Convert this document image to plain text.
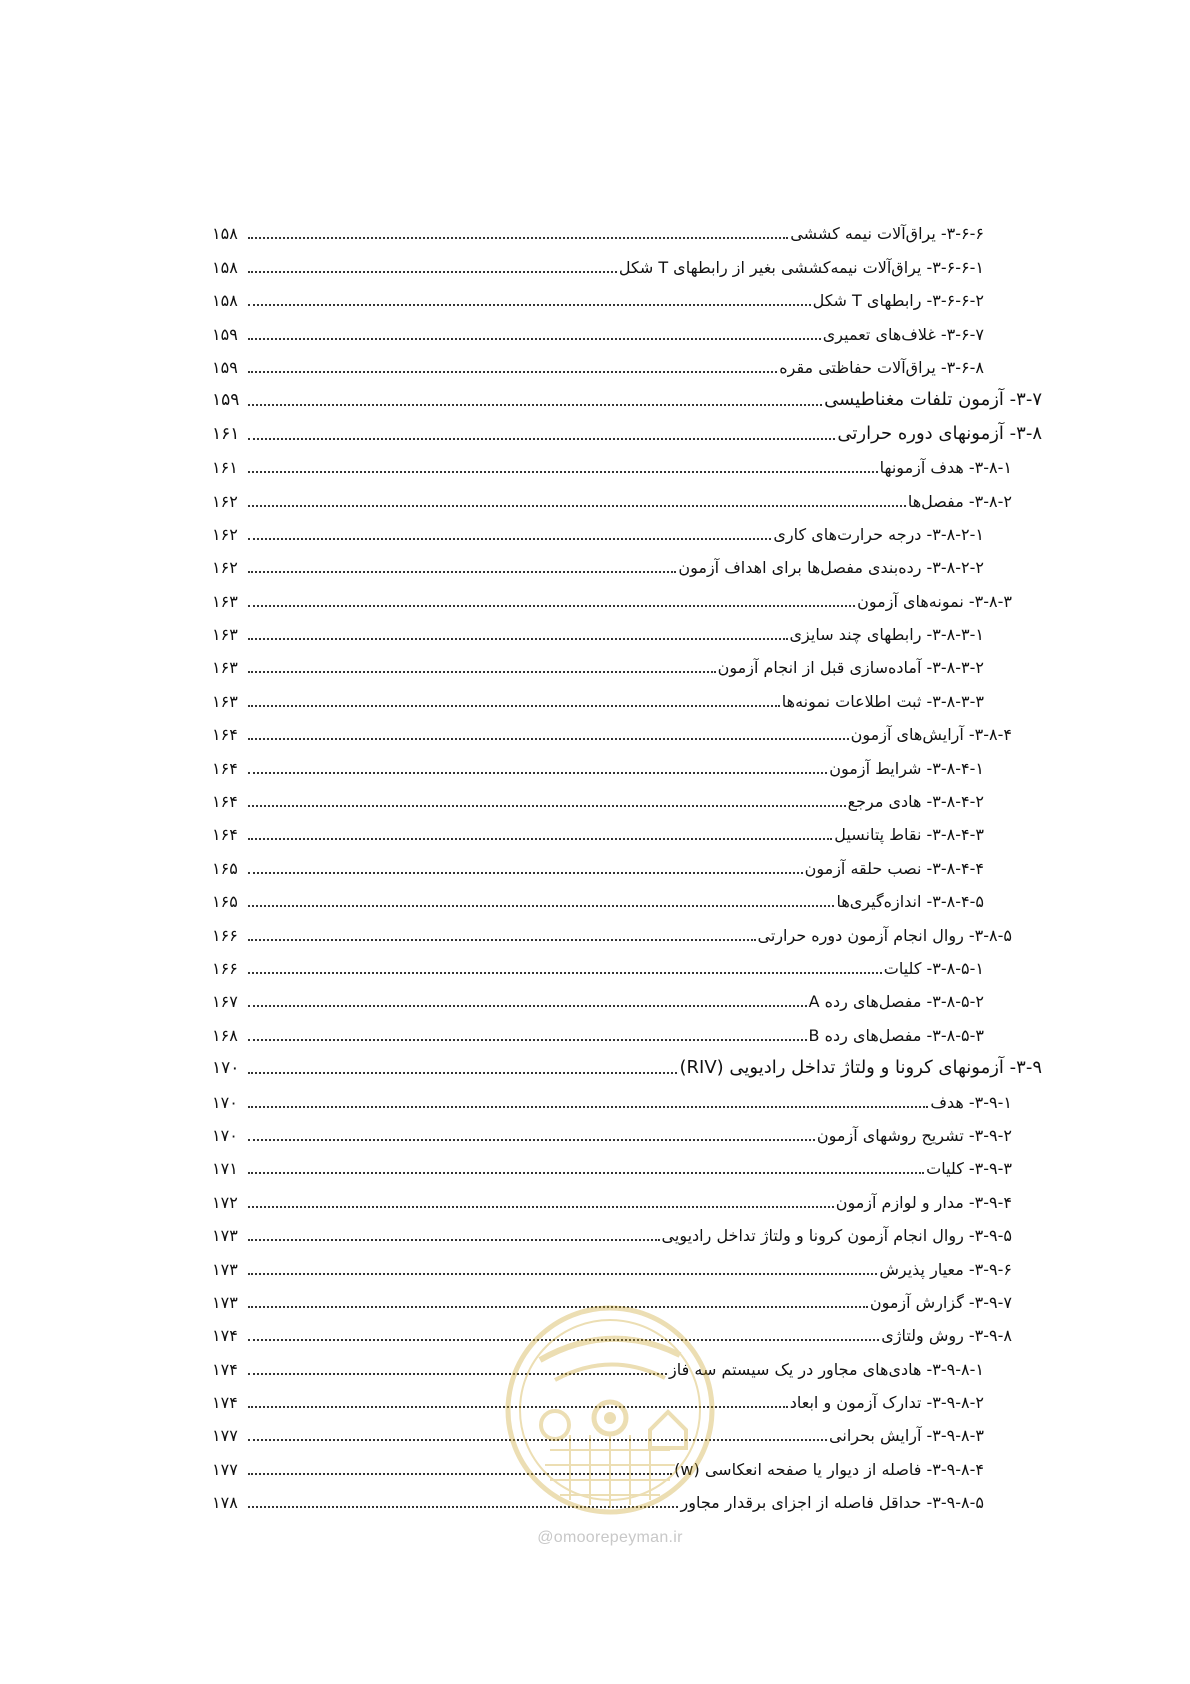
۳-۶-۶- یراق‌آلات نیمه کششی
۱۵۸
۳-۶-۶-۱- یراق‌آلات نیمه‌کششی بغیر از رابطهای T شکل
۱۵۸
۳-۶-۶-۲- رابطهای T شکل
۱۵۸
۳-۶-۷- غلاف‌های تعمیری
۱۵۹
۳-۶-۸- یراق‌آلات حفاظتی مقره
۱۵۹
۳-۷- آزمون تلفات مغناطیسی
۱۵۹
۳-۸- آزمونهای دوره حرارتی
۱۶۱
۳-۸-۱- هدف آزمونها
۱۶۱
۳-۸-۲- مفصل‌ها
۱۶۲
۳-۸-۲-۱- درجه حرارت‌های کاری
۱۶۲
۳-۸-۲-۲- رده‌بندی مفصل‌ها برای اهداف آزمون
۱۶۲
۳-۸-۳- نمونه‌های آزمون
۱۶۳
۳-۸-۳-۱- رابطهای چند سایزی
۱۶۳
۳-۸-۳-۲- آماده‌سازی قبل از انجام آزمون
۱۶۳
۳-۸-۳-۳- ثبت اطلاعات نمونه‌ها
۱۶۳
۳-۸-۴- آرایش‌های آزمون
۱۶۴
۳-۸-۴-۱- شرایط آزمون
۱۶۴
۳-۸-۴-۲- هادی مرجع
۱۶۴
۳-۸-۴-۳- نقاط پتانسیل
۱۶۴
۳-۸-۴-۴- نصب حلقه آزمون
۱۶۵
۳-۸-۴-۵- اندازه‌گیری‌ها
۱۶۵
۳-۸-۵- روال انجام آزمون دوره حرارتی
۱۶۶
۳-۸-۵-۱- کلیات
۱۶۶
۳-۸-۵-۲- مفصل‌های رده A
۱۶۷
۳-۸-۵-۳- مفصل‌های رده B
۱۶۸
۳-۹- آزمونهای کرونا و ولتاژ تداخل رادیویی (RIV)
۱۷۰
۳-۹-۱- هدف
۱۷۰
۳-۹-۲- تشریح روشهای آزمون
۱۷۰
۳-۹-۳- کلیات
۱۷۱
۳-۹-۴- مدار و لوازم آزمون
۱۷۲
۳-۹-۵- روال انجام آزمون کرونا و ولتاژ تداخل رادیویی
۱۷۳
۳-۹-۶- معیار پذیرش
۱۷۳
۳-۹-۷- گزارش آزمون
۱۷۳
۳-۹-۸- روش ولتاژی
۱۷۴
۳-۹-۸-۱- هادی‌های مجاور در یک سیستم سه فاز
۱۷۴
۳-۹-۸-۲- تدارک آزمون و ابعاد
۱۷۴
۳-۹-۸-۳- آرایش بحرانی
۱۷۷
۳-۹-۸-۴- فاصله از دیوار یا صفحه انعکاسی (w)
۱۷۷
۳-۹-۸-۵- حداقل فاصله از اجزای برقدار مجاور
۱۷۸
@omoorepeyman.ir
